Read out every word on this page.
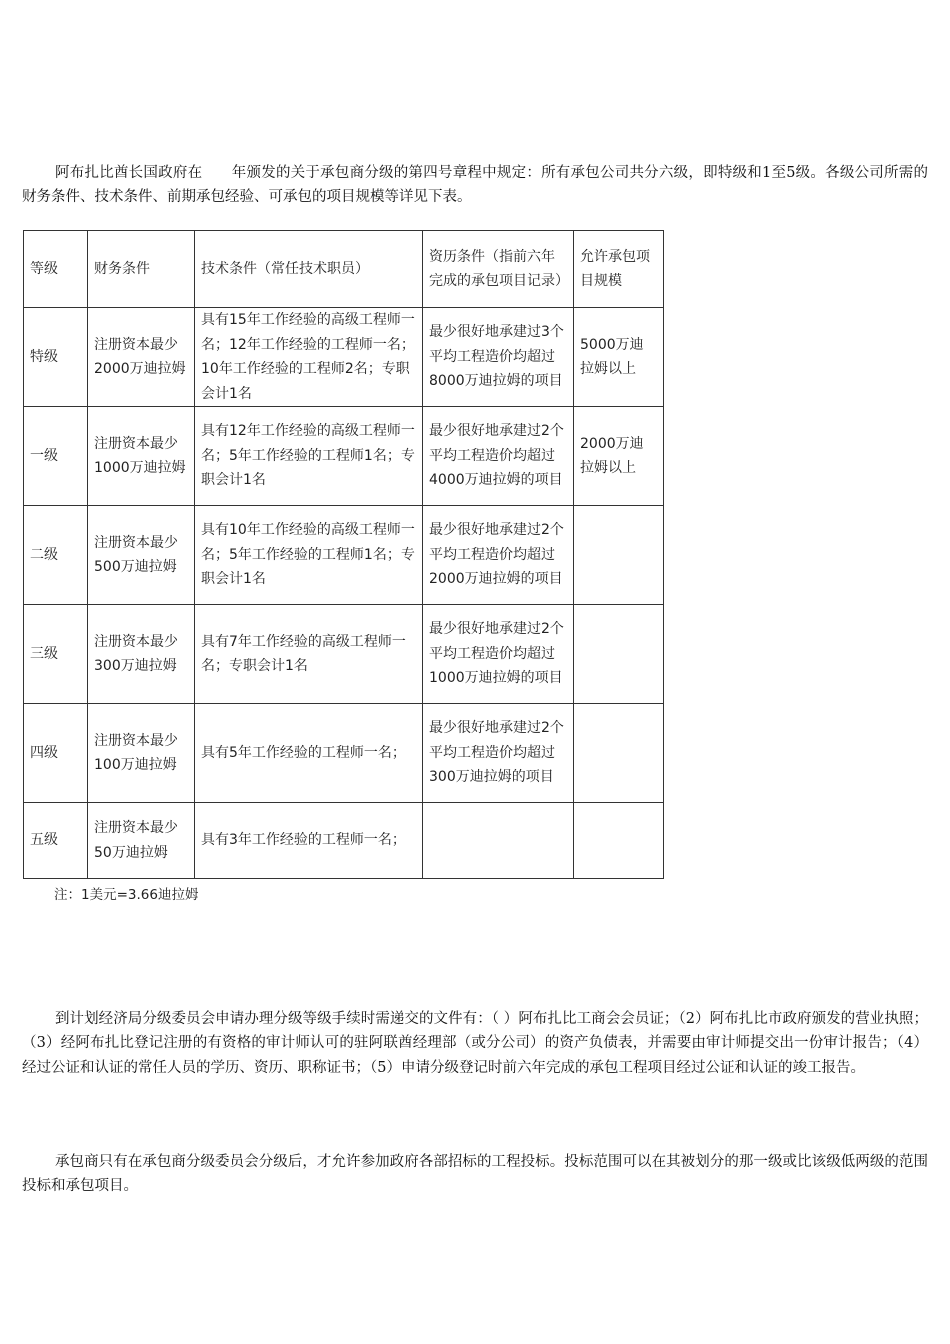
阿布扎比酋长国政府在　　年颁发的关于承包商分级的第四号章程中规定：所有承包公司共分六级，即特级和1至5级。各级公司所需的财务条件、技术条件、前期承包经验、可承包的项目规模等详见下表。

等级	财务条件	技术条件（常任技术职员）	资历条件（指前六年完成的承包项目记录）	允许承包项目规模
特级	注册资本最少2000万迪拉姆	具有15年工作经验的高级工程师一名；12年工作经验的工程师一名；10年工作经验的工程师2名；专职会计1名	最少很好地承建过3个平均工程造价均超过8000万迪拉姆的项目	5000万迪拉姆以上
一级	注册资本最少1000万迪拉姆	具有12年工作经验的高级工程师一名；5年工作经验的工程师1名；专职会计1名	最少很好地承建过2个平均工程造价均超过4000万迪拉姆的项目	2000万迪拉姆以上
二级	注册资本最少500万迪拉姆	具有10年工作经验的高级工程师一名；5年工作经验的工程师1名；专职会计1名	最少很好地承建过2个平均工程造价均超过2000万迪拉姆的项目	
三级	注册资本最少300万迪拉姆	具有7年工作经验的高级工程师一名；专职会计1名	最少很好地承建过2个平均工程造价均超过1000万迪拉姆的项目	
四级	注册资本最少100万迪拉姆	具有5年工作经验的工程师一名；	最少很好地承建过2个平均工程造价均超过300万迪拉姆的项目	
五级	注册资本最少50万迪拉姆	具有3年工作经验的工程师一名；		
注：1美元=3.66迪拉姆

到计划经济局分级委员会申请办理分级等级手续时需递交的文件有：（ ）阿布扎比工商会会员证；（2）阿布扎比市政府颁发的营业执照；（3）经阿布扎比登记注册的有资格的审计师认可的驻阿联酋经理部（或分公司）的资产负债表，并需要由审计师提交出一份审计报告；（4）经过公证和认证的常任人员的学历、资历、职称证书；（5）申请分级登记时前六年完成的承包工程项目经过公证和认证的竣工报告。

承包商只有在承包商分级委员会分级后，才允许参加政府各部招标的工程投标。投标范围可以在其被划分的那一级或比该级低两级的范围投标和承包项目。
